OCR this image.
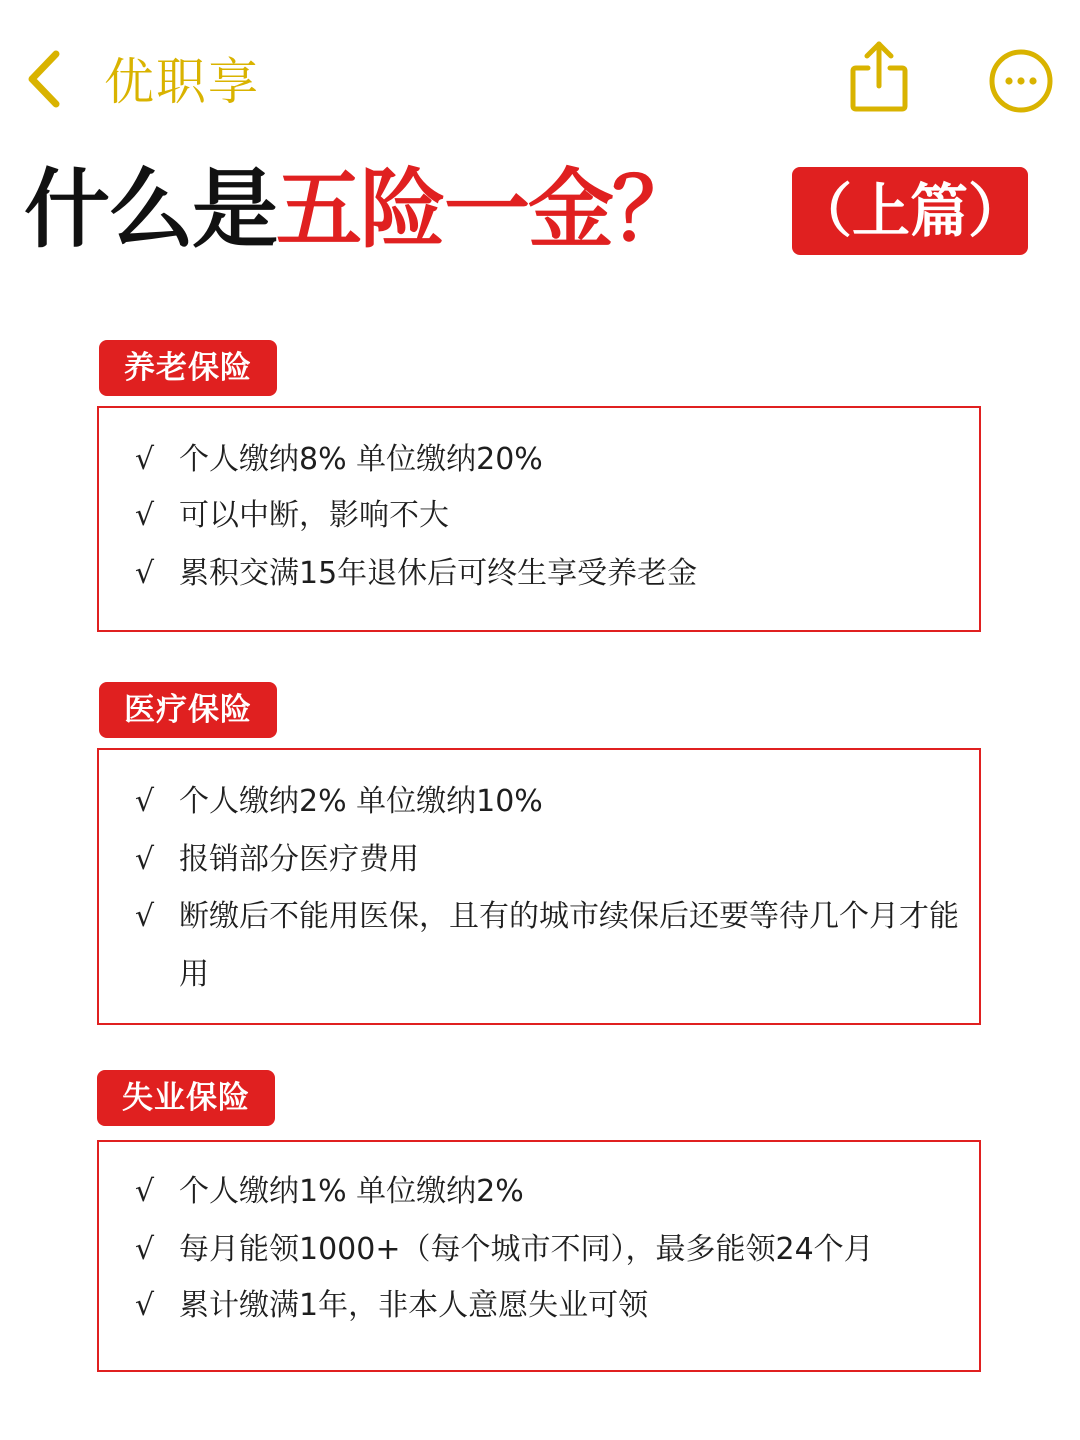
优职享
什么是五险一金？ （上篇）
养老保险
√ 个人缴纳8% 单位缴纳20%
√ 可以中断，影响不大
√ 累积交满15年退休后可终生享受养老金
医疗保险
√ 个人缴纳2% 单位缴纳10%
√ 报销部分医疗费用
√ 断缴后不能用医保，且有的城市续保后还要等待几个月才能用
失业保险
√ 个人缴纳1% 单位缴纳2%
√ 每月能领1000+（每个城市不同），最多能领24个月
√ 累计缴满1年，非本人意愿失业可领
